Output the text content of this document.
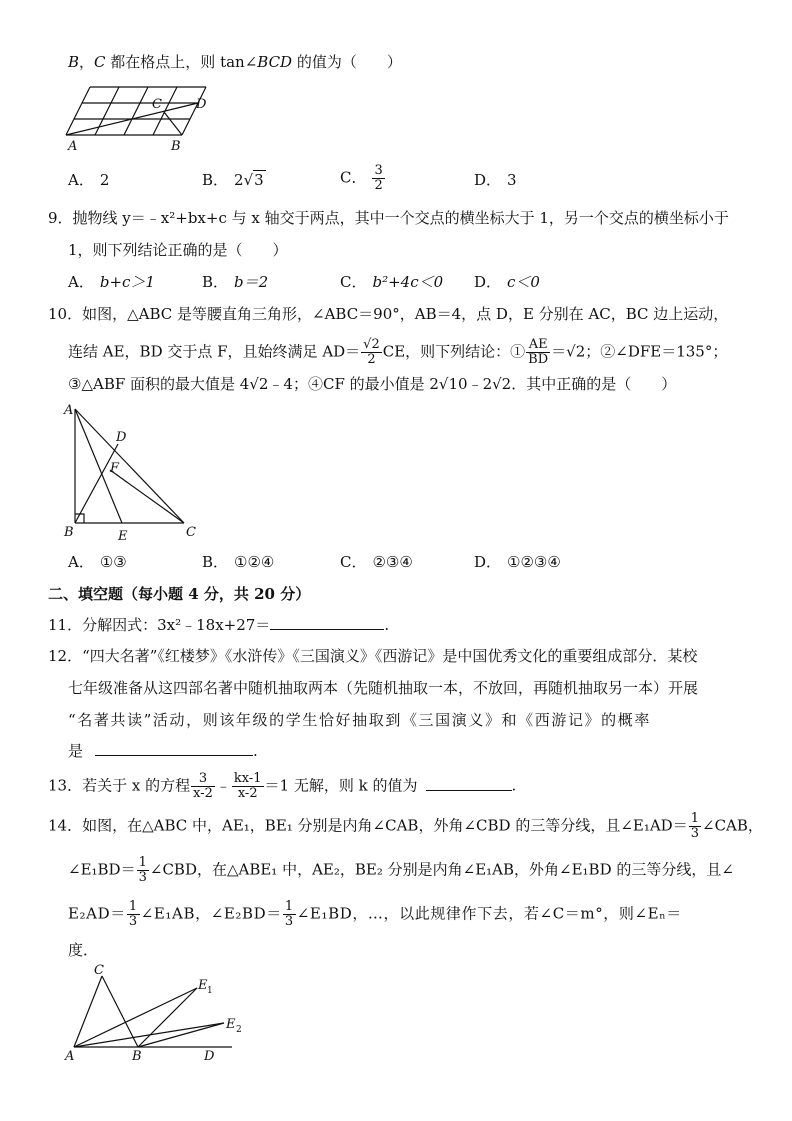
B，C 都在格点上，则 tan∠BCD 的值为（　　）
A	B
C	D
A． 2	B． 2√3	C． $\frac{3}{2}$	D． 3
9．抛物线 y＝﹣x²+bx+c 与 x 轴交于两点，其中一个交点的横坐标大于 1，另一个交点的横坐标小于
1，则下列结论正确的是（　　）
A． b+c＞1	B． b＝2	C． b²+4c＜0 D． c＜0
10．如图，△ABC 是等腰直角三角形，∠ABC＝90°，AB＝4，点 D，E 分别在 AC，BC 边上运动，
连结 AE，BD 交于点 F，且始终满足 $AD= \frac{√2}{2}$ CE，则下列结论：① $\frac{AE}{BD} =√2$；②∠DFE＝135°；
③△ABF 面积的最大值是 4√2﹣4；④CF 的最小值是 2√10﹣2√2．其中正确的是（　　）
A
B	C
D
E
F
A． ①③	B． ①②④	C． ②③④	D． ①②③④
二、填空题（每小题 4 分，共 20 分）
11．分解因式：3x²﹣18x+27＝	.
12．“四大名著”《红楼梦》《水浒传》《三国演义》《西游记》是中国优秀文化的重要组成部分．某校
七年级准备从这四部名著中随机抽取两本（先随机抽取一本，不放回，再随机抽取另一本）开展
“名著共读”活动，则该年级的学生恰好抽取到《三国演义》和《西游记》的概率
是	.
13．若关于 x 的方程 $\frac{3}{x-2}$ ﹣ $\frac{kx-1}{x-2} =1$ 无解，则 k 的值为	.
14．如图，在△ABC 中，AE₁，BE₁ 分别是内角∠CAB，外角∠CBD 的三等分线，且∠E₁AD＝ $\frac{1}{3}$ ∠CAB，
∠E₁BD＝ $\frac{1}{3}$ ∠CBD，在△ABE₁ 中，AE₂，BE₂ 分别是内角∠E₁AB，外角∠E₁BD 的三等分线，且∠
$E_2AD= \frac{1}{3}$ ∠E₁AB，∠E₂BD＝ $\frac{1}{3}$ ∠E₁BD，…，以此规律作下去，若∠C＝m°，则∠Eₙ＝
度．
C
A	B	D
E 1
E 2
